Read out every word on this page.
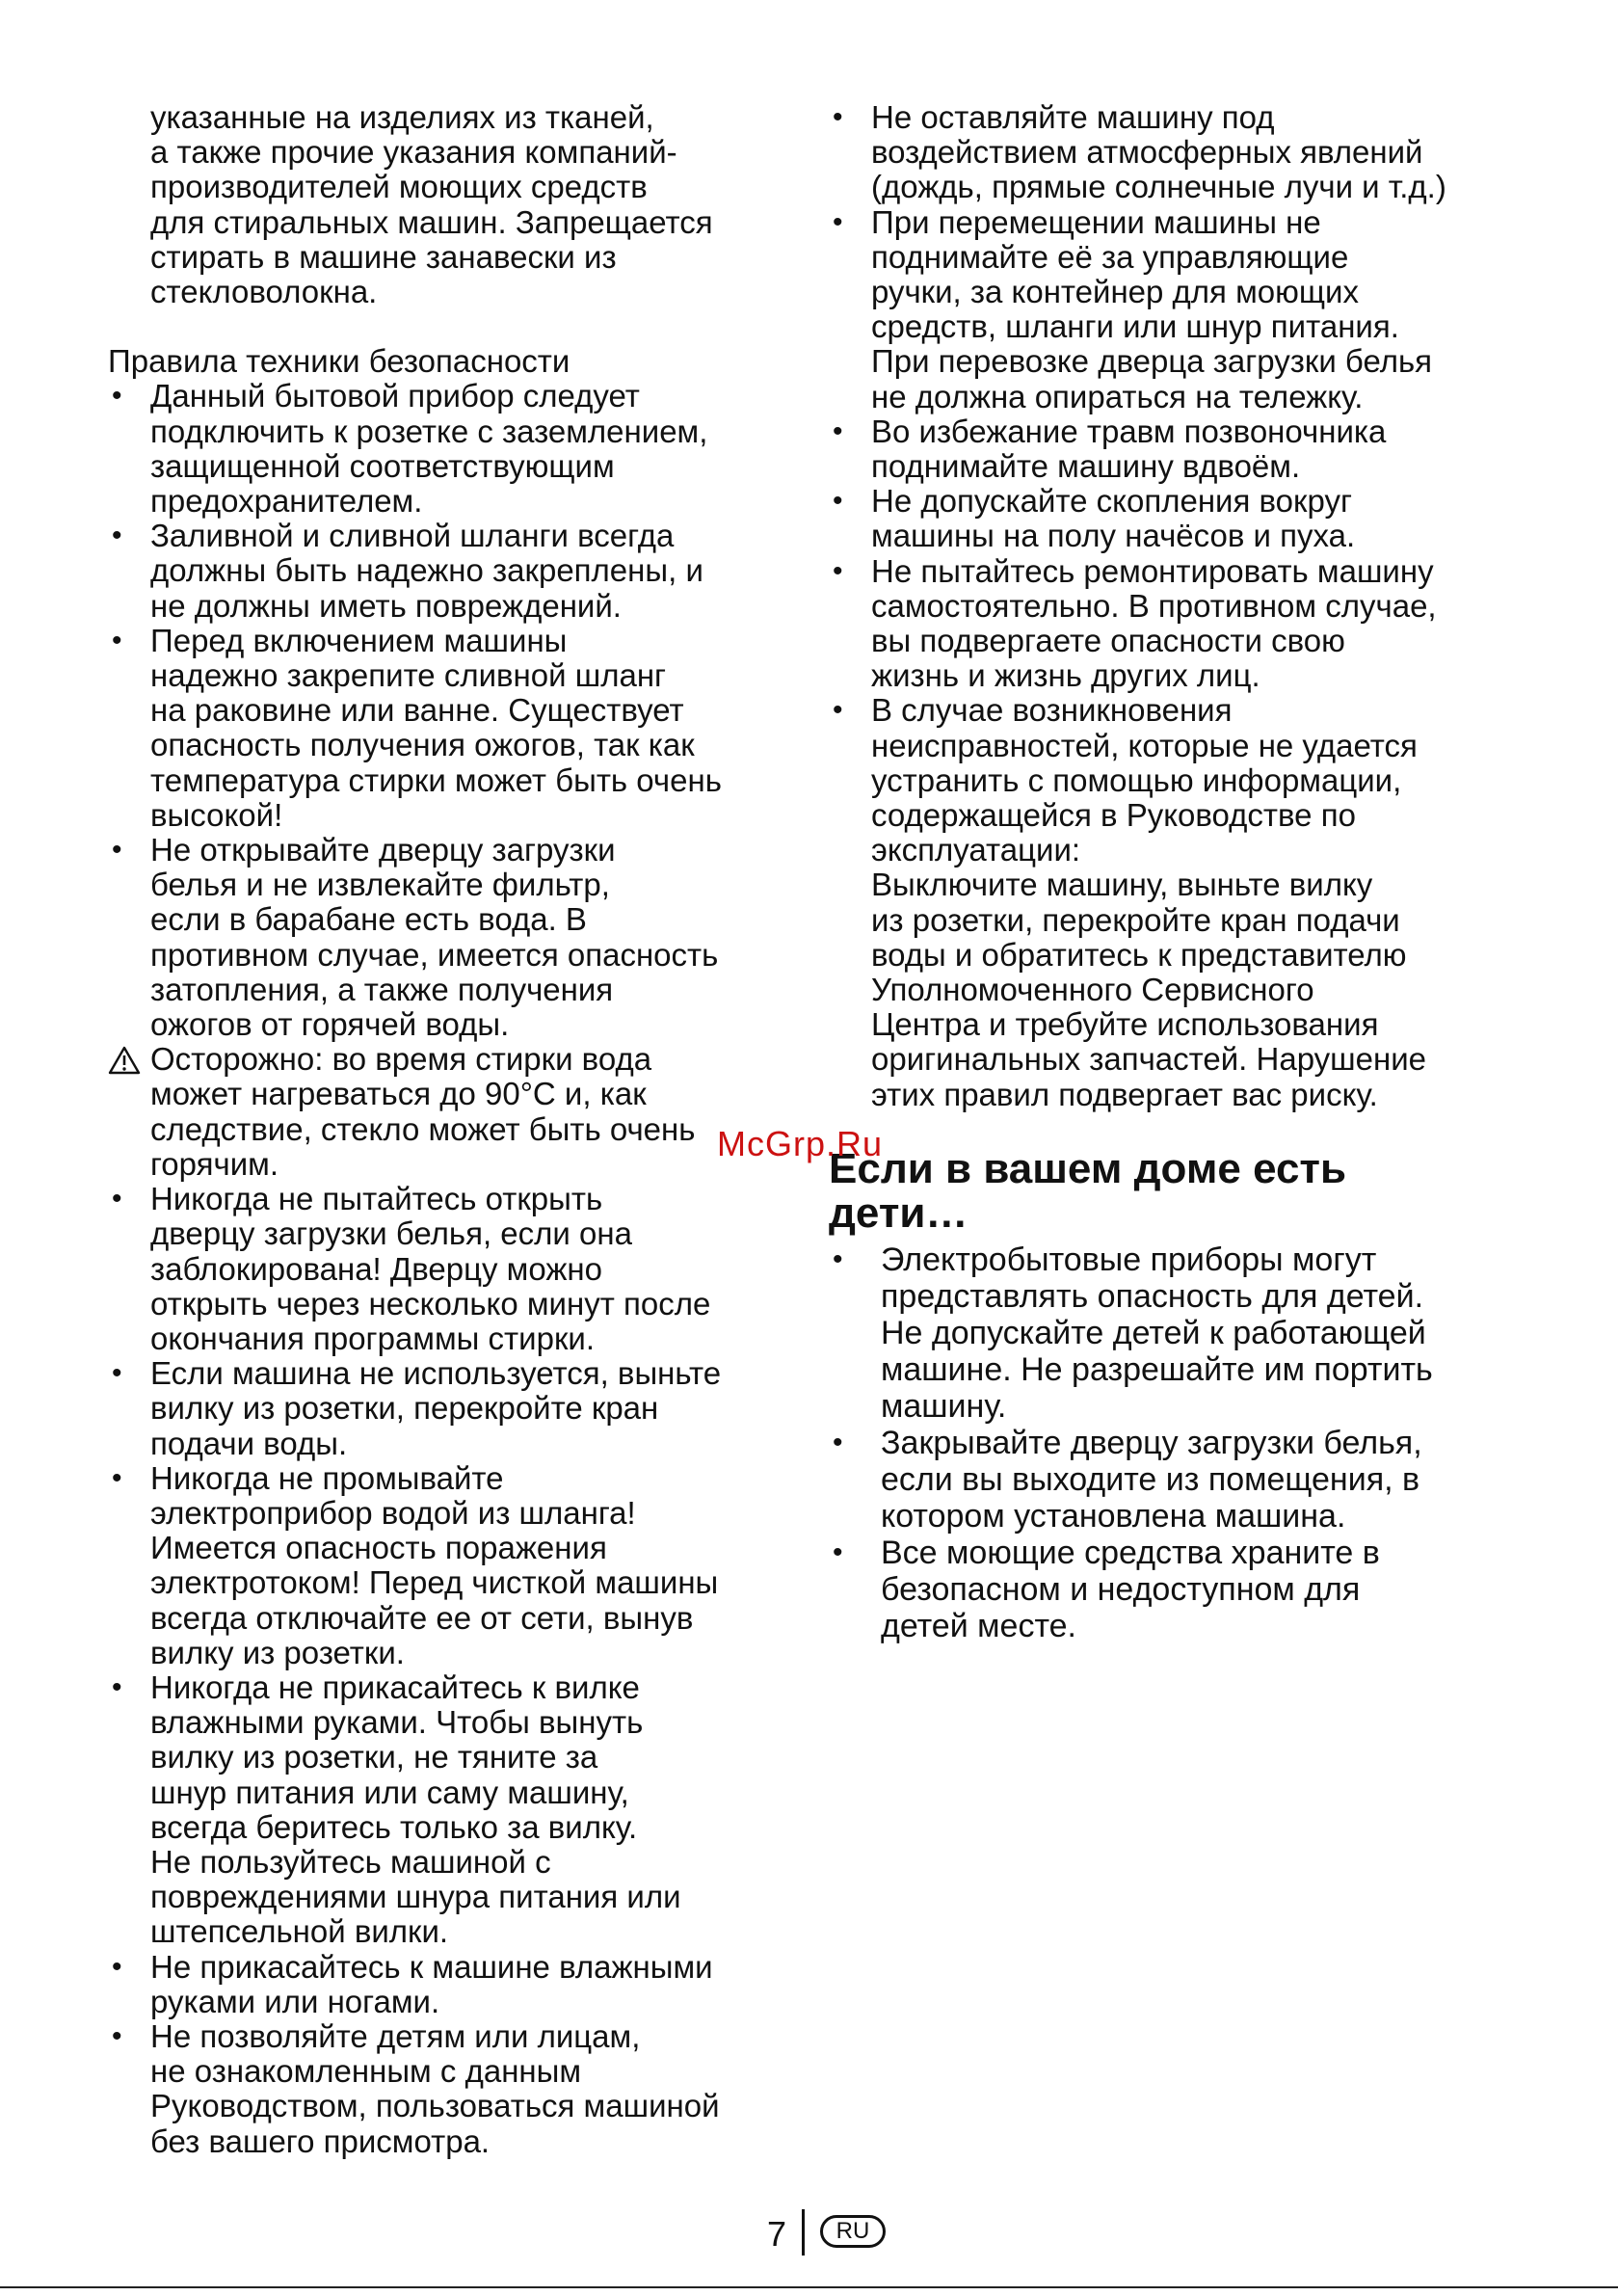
указанные на изделиях из тканей,
а также прочие указания компаний-
производителей моющих средств
для стиральных машин. Запрещается
стирать в машине занавески из
стекловолокна.

Правила техники безопасности

• Данный бытовой прибор следует
подключить к розетке с заземлением,
защищенной соответствующим
предохранителем.

• Заливной и сливной шланги всегда
должны быть надежно закреплены, и
не должны иметь повреждений.

• Перед включением машины
надежно закрепите сливной шланг
на раковине или ванне. Существует
опасность получения ожогов, так как
температура стирки может быть очень
высокой!

• Не открывайте дверцу загрузки
белья и не извлекайте фильтр,
если в барабане есть вода. В
противном случае, имеется опасность
затопления, а также получения
ожогов от горячей воды.

Осторожно: во время стирки вода
может нагреваться до 90°C и, как
следствие, стекло может быть очень
горячим.

• Никогда не пытайтесь открыть
дверцу загрузки белья, если она
заблокирована! Дверцу можно
открыть через несколько минут после
окончания программы стирки.

• Если машина не используется, выньте
вилку из розетки, перекройте кран
подачи воды.

• Никогда не промывайте
электроприбор водой из шланга!
Имеется опасность поражения
электротоком! Перед чисткой машины
всегда отключайте ее от сети, вынув
вилку из розетки.

• Никогда не прикасайтесь к вилке
влажными руками. Чтобы вынуть
вилку из розетки, не тяните за
шнур питания или саму машину,
всегда беритесь только за вилку.
Не пользуйтесь машиной с
повреждениями шнура питания или
штепсельной вилки.

• Не прикасайтесь к машине влажными
руками или ногами.

• Не позволяйте детям или лицам,
не ознакомленным с данным
Руководством, пользоваться машиной
без вашего присмотра.

• Не оставляйте машину под
воздействием атмосферных явлений
(дождь, прямые солнечные лучи и т.д.)

• При перемещении машины не
поднимайте её за управляющие
ручки, за контейнер для моющих
средств, шланги или шнур питания.
При перевозке дверца загрузки белья
не должна опираться на тележку.

• Во избежание травм позвоночника
поднимайте машину вдвоём.

• Не допускайте скопления вокруг
машины на полу начёсов и пуха.

• Не пытайтесь ремонтировать машину
самостоятельно. В противном случае,
вы подвергаете опасности свою
жизнь и жизнь других лиц.

• В случае возникновения
неисправностей, которые не удается
устранить с помощью информации,
содержащейся в Руководстве по
эксплуатации:
Выключите машину, выньте вилку
из розетки, перекройте кран подачи
воды и обратитесь к представителю
Уполномоченного Сервисного
Центра и требуйте использования
оригинальных запчастей. Нарушение
этих правил подвергает вас риску.

Если в вашем доме есть
дети…
•	Электробытовые приборы могут
представлять опасность для детей.
Не допускайте детей к работающей
машине. Не разрешайте им портить
машину.

•	Закрывайте дверцу загрузки белья,
если вы выходите из помещения, в
котором установлена машина.

•	Все моющие средства храните в
безопасном и недоступном для
детей месте.

McGrp.Ru
7	RU
